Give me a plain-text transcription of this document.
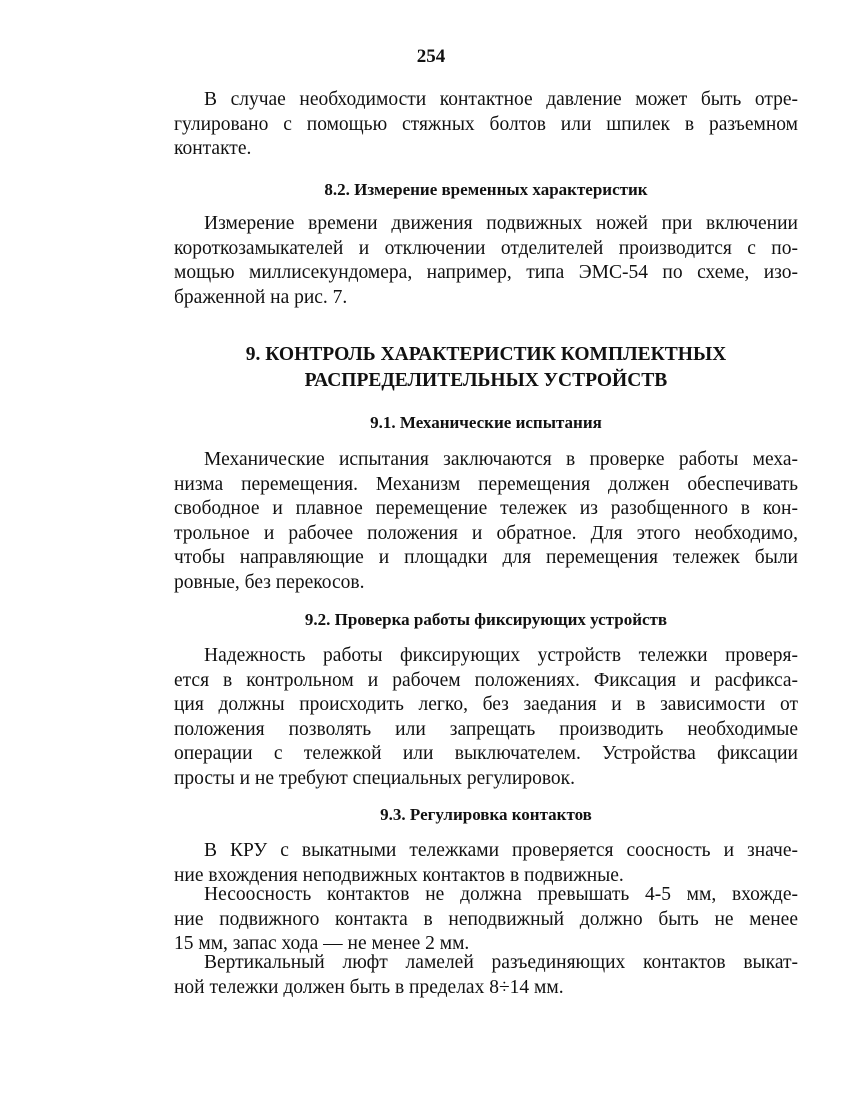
254
В случае необходимости контактное давление может быть отре-
гулировано с помощью стяжных болтов или шпилек в разъемном
контакте.
8.2. Измерение временных характеристик
Измерение времени движения подвижных ножей при включении
короткозамыкателей и отключении отделителей производится с по-
мощью миллисекундомера, например, типа ЭМС-54 по схеме, изо-
браженной на рис. 7.
9. КОНТРОЛЬ ХАРАКТЕРИСТИК КОМПЛЕКТНЫХ
РАСПРЕДЕЛИТЕЛЬНЫХ УСТРОЙСТВ
9.1. Механические испытания
Механические испытания заключаются в проверке работы меха-
низма перемещения. Механизм перемещения должен обеспечивать
свободное и плавное перемещение тележек из разобщенного в кон-
трольное и рабочее положения и обратное. Для этого необходимо,
чтобы направляющие и площадки для перемещения тележек были
ровные, без перекосов.
9.2. Проверка работы фиксирующих устройств
Надежность работы фиксирующих устройств тележки проверя-
ется в контрольном и рабочем положениях. Фиксация и расфикса-
ция должны происходить легко, без заедания и в зависимости от
положения позволять или запрещать производить необходимые
операции с тележкой или выключателем. Устройства фиксации
просты и не требуют специальных регулировок.
9.3. Регулировка контактов
В КРУ с выкатными тележками проверяется соосность и значе-
ние вхождения неподвижных контактов в подвижные.
Несоосность контактов не должна превышать 4-5 мм, вхожде-
ние подвижного контакта в неподвижный должно быть не менее
15 мм, запас хода — не менее 2 мм.
Вертикальный люфт ламелей разъединяющих контактов выкат-
ной тележки должен быть в пределах 8÷14 мм.
